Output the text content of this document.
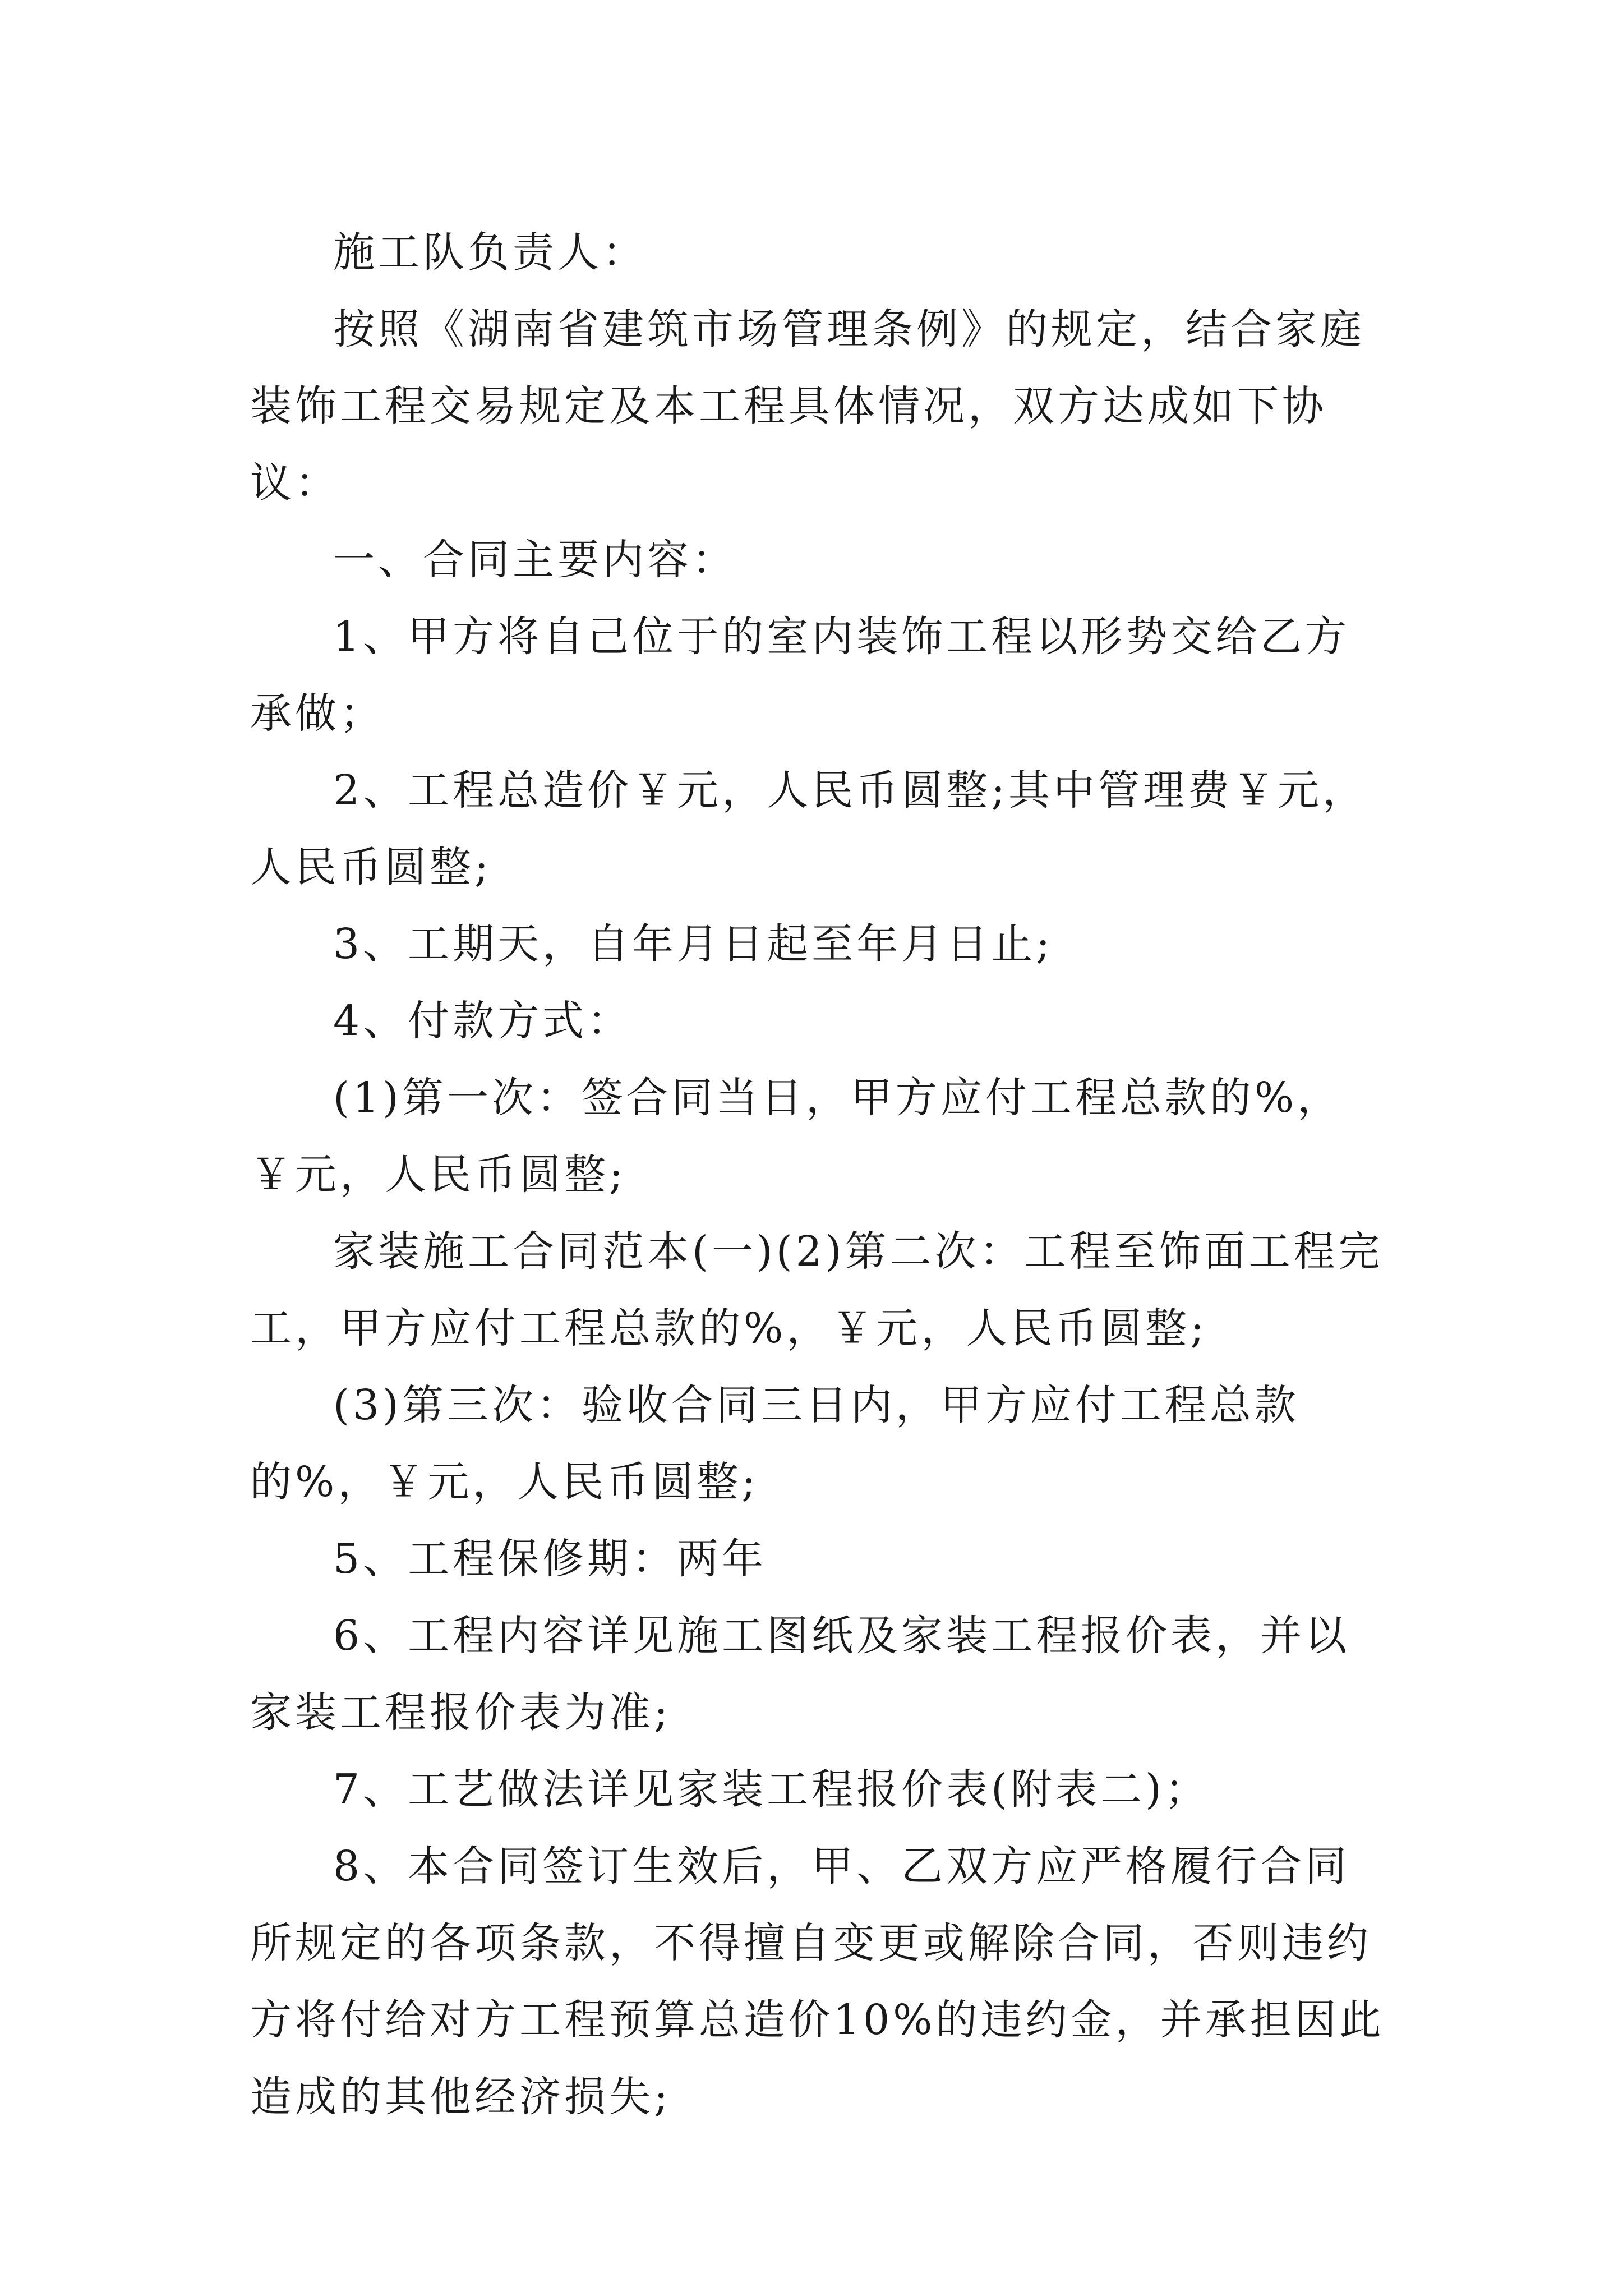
施工队负责人：

按照《湖南省建筑市场管理条例》的规定，结合家庭装饰工程交易规定及本工程具体情况，双方达成如下协议：

一、合同主要内容：

1、甲方将自己位于的室内装饰工程以形势交给乙方承做；

2、工程总造价￥元，人民币圆整;其中管理费￥元，人民币圆整;

3、工期天，自年月日起至年月日止;

4、付款方式：

(1)第一次：签合同当日，甲方应付工程总款的%，￥元，人民币圆整;

家装施工合同范本(一)(2)第二次：工程至饰面工程完工，甲方应付工程总款的%，￥元，人民币圆整;

(3)第三次：验收合同三日内，甲方应付工程总款的%，￥元，人民币圆整;

5、工程保修期：两年

6、工程内容详见施工图纸及家装工程报价表，并以家装工程报价表为准;

7、工艺做法详见家装工程报价表(附表二)；

8、本合同签订生效后，甲、乙双方应严格履行合同所规定的各项条款，不得擅自变更或解除合同，否则违约方将付给对方工程预算总造价10%的违约金，并承担因此造成的其他经济损失;
